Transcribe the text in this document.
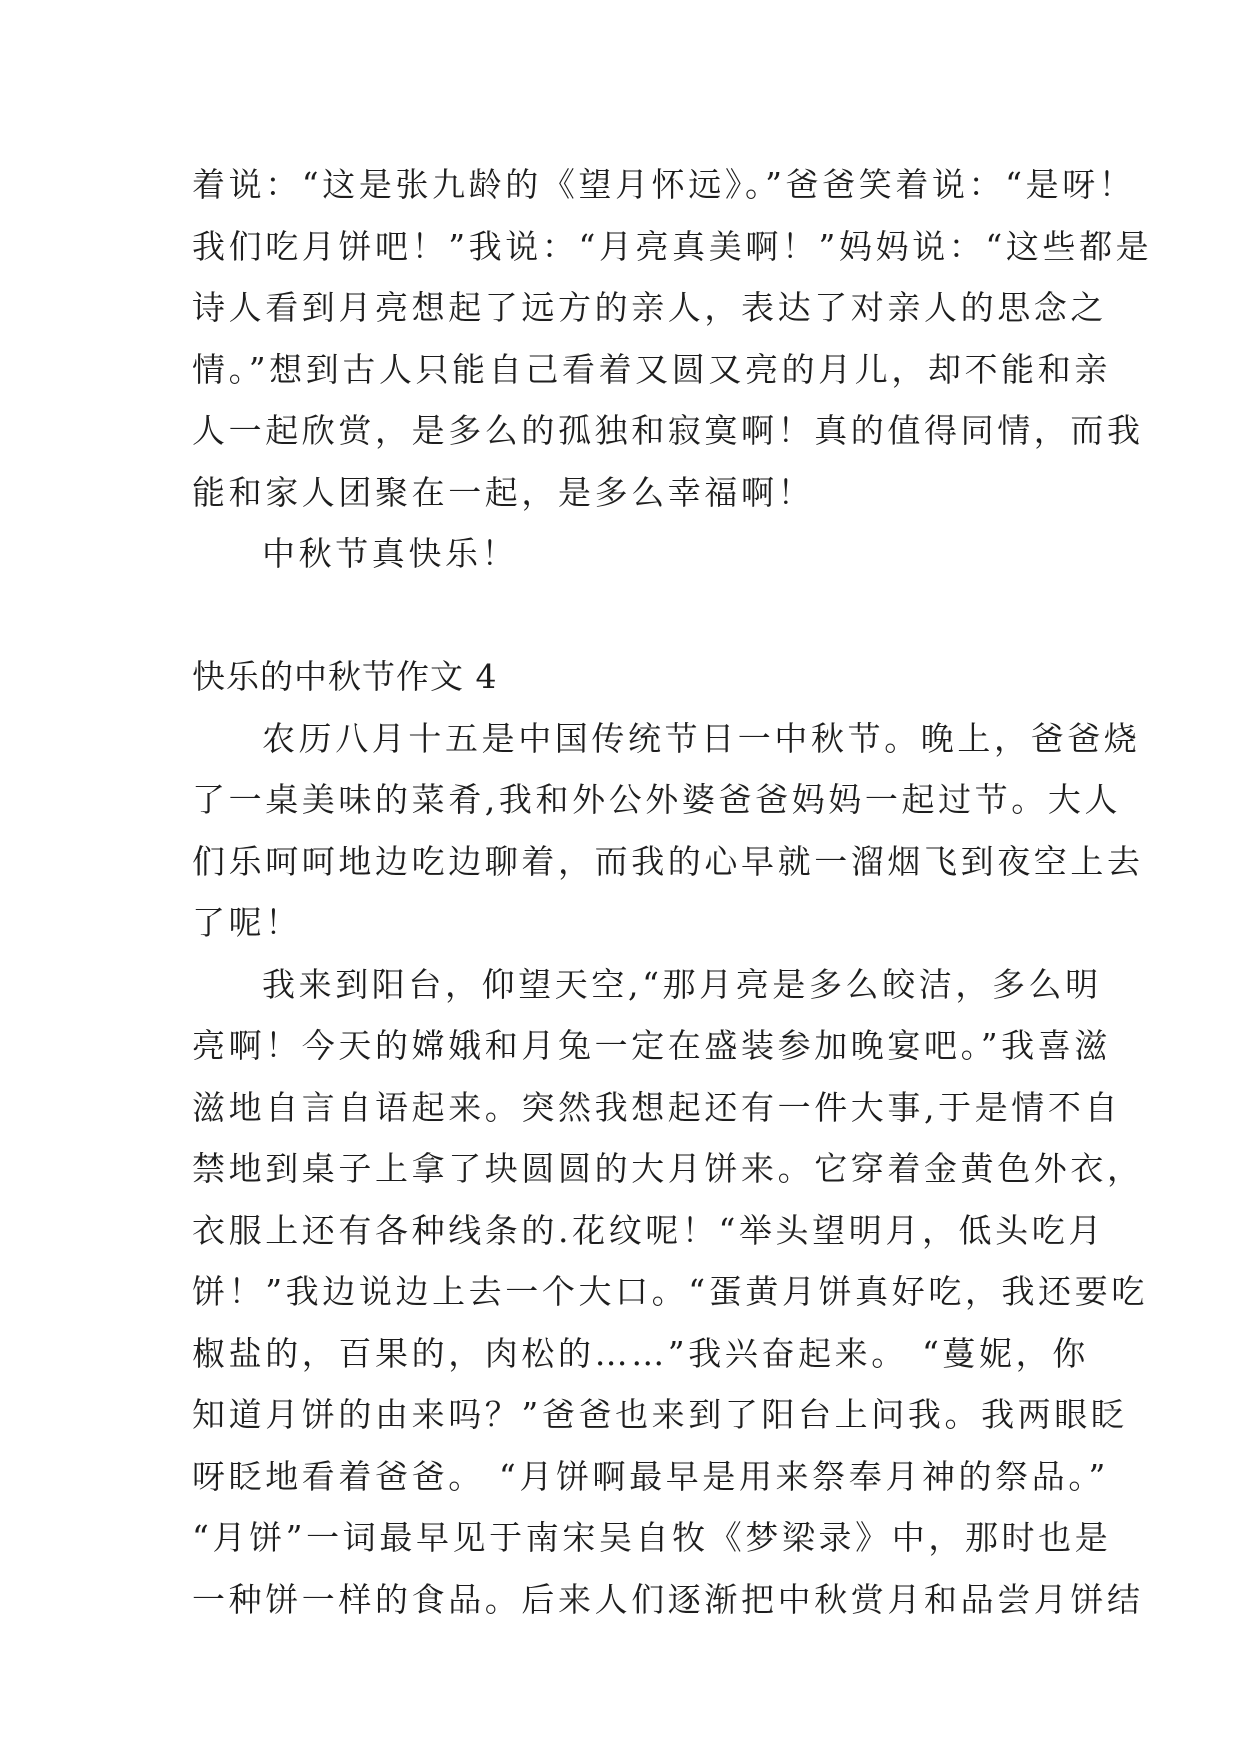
着说：“这是张九龄的《望月怀远》。”爸爸笑着说：“是呀！
我们吃月饼吧！”我说：“月亮真美啊！”妈妈说：“这些都是
诗人看到月亮想起了远方的亲人，表达了对亲人的思念之
情。”想到古人只能自己看着又圆又亮的月儿，却不能和亲
人一起欣赏，是多么的孤独和寂寞啊！真的值得同情，而我
能和家人团聚在一起，是多么幸福啊！
中秋节真快乐！
快乐的中秋节作文 4
农历八月十五是中国传统节日一中秋节。晚上，爸爸烧
了一桌美味的菜肴,我和外公外婆爸爸妈妈一起过节。大人
们乐呵呵地边吃边聊着，而我的心早就一溜烟飞到夜空上去
了呢！
我来到阳台，仰望天空,“那月亮是多么皎洁，多么明
亮啊！今天的嫦娥和月兔一定在盛装参加晚宴吧。”我喜滋
滋地自言自语起来。突然我想起还有一件大事,于是情不自
禁地到桌子上拿了块圆圆的大月饼来。它穿着金黄色外衣，
衣服上还有各种线条的.花纹呢！“举头望明月，低头吃月
饼！”我边说边上去一个大口。“蛋黄月饼真好吃，我还要吃
椒盐的，百果的，肉松的……”我兴奋起来。 “蔓妮，你
知道月饼的由来吗？”爸爸也来到了阳台上问我。我两眼眨
呀眨地看着爸爸。 “月饼啊最早是用来祭奉月神的祭品。”
“月饼”一词最早见于南宋吴自牧《梦梁录》中，那时也是
一种饼一样的食品。后来人们逐渐把中秋赏月和品尝月饼结
